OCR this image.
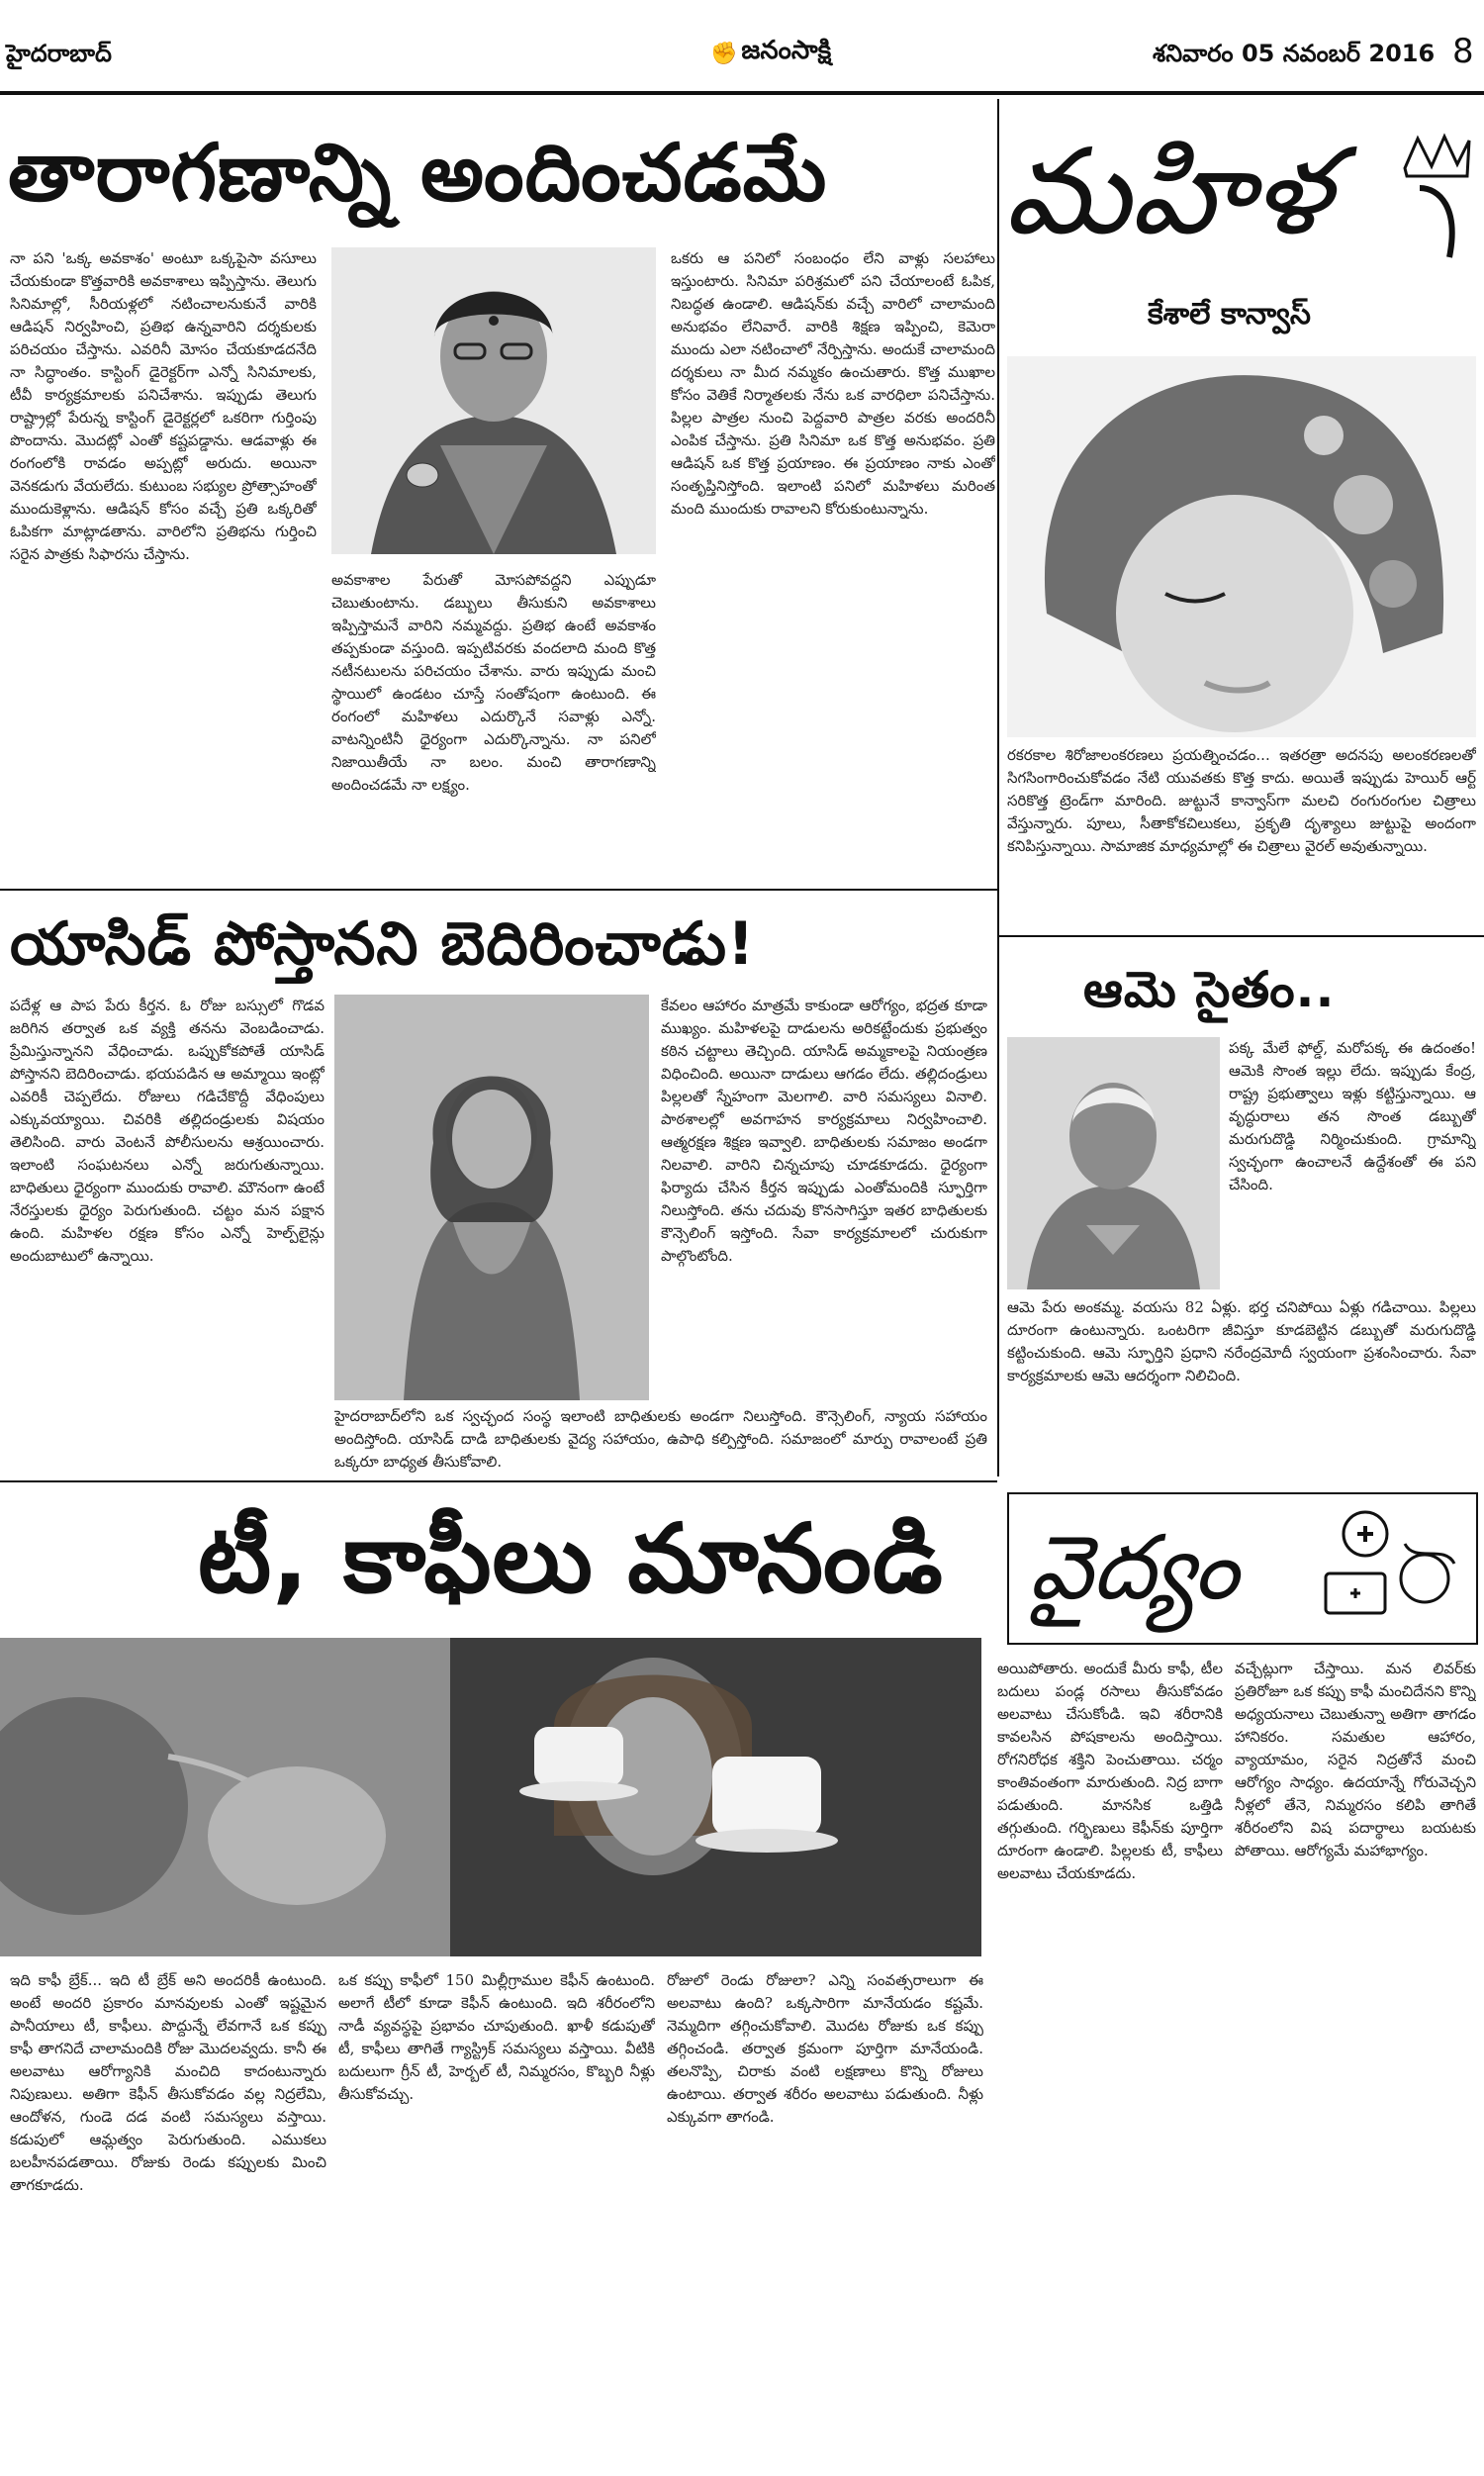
హైదరాబాద్	✊ జనంసాక్షి	శనివారం 05 నవంబర్ 2016 8
తారాగణాన్ని అందించడమే
నా పని 'ఒక్క అవకాశం' అంటూ ఒక్కపైసా వసూలు చేయకుండా కొత్తవారికి అవకాశాలు ఇప్పిస్తాను. తెలుగు సినిమాల్లో, సీరియళ్లలో నటించాలనుకునే వారికి ఆడిషన్ నిర్వహించి, ప్రతిభ ఉన్నవారిని దర్శకులకు పరిచయం చేస్తాను. ఎవరినీ మోసం చేయకూడదనేది నా సిద్ధాంతం. కాస్టింగ్ డైరెక్టర్‌గా ఎన్నో సినిమాలకు, టీవీ కార్యక్రమాలకు పనిచేశాను. ఇప్పుడు తెలుగు రాష్ట్రాల్లో పేరున్న కాస్టింగ్ డైరెక్టర్లలో ఒకరిగా గుర్తింపు పొందాను. మొదట్లో ఎంతో కష్టపడ్డాను. ఆడవాళ్లు ఈ రంగంలోకి రావడం అప్పట్లో అరుదు. అయినా వెనకడుగు వేయలేదు. కుటుంబ సభ్యుల ప్రోత్సాహంతో ముందుకెళ్లాను. ఆడిషన్ కోసం వచ్చే ప్రతి ఒక్కరితో ఓపికగా మాట్లాడతాను. వారిలోని ప్రతిభను గుర్తించి సరైన పాత్రకు సిఫారసు చేస్తాను.
అవకాశాల పేరుతో మోసపోవద్దని ఎప్పుడూ చెబుతుంటాను. డబ్బులు తీసుకుని అవకాశాలు ఇప్పిస్తామనే వారిని నమ్మవద్దు. ప్రతిభ ఉంటే అవకాశం తప్పకుండా వస్తుంది. ఇప్పటివరకు వందలాది మంది కొత్త నటీనటులను పరిచయం చేశాను. వారు ఇప్పుడు మంచి స్థాయిలో ఉండటం చూస్తే సంతోషంగా ఉంటుంది. ఈ రంగంలో మహిళలు ఎదుర్కొనే సవాళ్లు ఎన్నో. వాటన్నింటినీ ధైర్యంగా ఎదుర్కొన్నాను. నా పనిలో నిజాయితీయే నా బలం. మంచి తారాగణాన్ని అందించడమే నా లక్ష్యం.
ఒకరు ఆ పనిలో సంబంధం లేని వాళ్లు సలహాలు ఇస్తుంటారు. సినిమా పరిశ్రమలో పని చేయాలంటే ఓపిక, నిబద్ధత ఉండాలి. ఆడిషన్‌కు వచ్చే వారిలో చాలామంది అనుభవం లేనివారే. వారికి శిక్షణ ఇప్పించి, కెమెరా ముందు ఎలా నటించాలో నేర్పిస్తాను. అందుకే చాలామంది దర్శకులు నా మీద నమ్మకం ఉంచుతారు. కొత్త ముఖాల కోసం వెతికే నిర్మాతలకు నేను ఒక వారధిలా పనిచేస్తాను. పిల్లల పాత్రల నుంచి పెద్దవారి పాత్రల వరకు అందరినీ ఎంపిక చేస్తాను. ప్రతి సినిమా ఒక కొత్త అనుభవం. ప్రతి ఆడిషన్ ఒక కొత్త ప్రయాణం. ఈ ప్రయాణం నాకు ఎంతో సంతృప్తినిస్తోంది. ఇలాంటి పనిలో మహిళలు మరింత మంది ముందుకు రావాలని కోరుకుంటున్నాను.
యాసిడ్ పోస్తానని బెదిరించాడు!
పదేళ్ల ఆ పాప పేరు కీర్తన. ఓ రోజు బస్సులో గొడవ జరిగిన తర్వాత ఒక వ్యక్తి తనను వెంబడించాడు. ప్రేమిస్తున్నానని వేధించాడు. ఒప్పుకోకపోతే యాసిడ్ పోస్తానని బెదిరించాడు. భయపడిన ఆ అమ్మాయి ఇంట్లో ఎవరికీ చెప్పలేదు. రోజులు గడిచేకొద్దీ వేధింపులు ఎక్కువయ్యాయి. చివరికి తల్లిదండ్రులకు విషయం తెలిసింది. వారు వెంటనే పోలీసులను ఆశ్రయించారు. ఇలాంటి సంఘటనలు ఎన్నో జరుగుతున్నాయి. బాధితులు ధైర్యంగా ముందుకు రావాలి. మౌనంగా ఉంటే నేరస్తులకు ధైర్యం పెరుగుతుంది. చట్టం మన పక్షాన ఉంది. మహిళల రక్షణ కోసం ఎన్నో హెల్ప్‌లైన్లు అందుబాటులో ఉన్నాయి.
హైదరాబాద్‌లోని ఒక స్వచ్ఛంద సంస్థ ఇలాంటి బాధితులకు అండగా నిలుస్తోంది. కౌన్సెలింగ్, న్యాయ సహాయం అందిస్తోంది. యాసిడ్ దాడి బాధితులకు వైద్య సహాయం, ఉపాధి కల్పిస్తోంది. సమాజంలో మార్పు రావాలంటే ప్రతి ఒక్కరూ బాధ్యత తీసుకోవాలి.
కేవలం ఆహారం మాత్రమే కాకుండా ఆరోగ్యం, భద్రత కూడా ముఖ్యం. మహిళలపై దాడులను అరికట్టేందుకు ప్రభుత్వం కఠిన చట్టాలు తెచ్చింది. యాసిడ్ అమ్మకాలపై నియంత్రణ విధించింది. అయినా దాడులు ఆగడం లేదు. తల్లిదండ్రులు పిల్లలతో స్నేహంగా మెలగాలి. వారి సమస్యలు వినాలి. పాఠశాలల్లో అవగాహన కార్యక్రమాలు నిర్వహించాలి. ఆత్మరక్షణ శిక్షణ ఇవ్వాలి. బాధితులకు సమాజం అండగా నిలవాలి. వారిని చిన్నచూపు చూడకూడదు. ధైర్యంగా ఫిర్యాదు చేసిన కీర్తన ఇప్పుడు ఎంతోమందికి స్ఫూర్తిగా నిలుస్తోంది. తను చదువు కొనసాగిస్తూ ఇతర బాధితులకు కౌన్సెలింగ్ ఇస్తోంది. సేవా కార్యక్రమాలలో చురుకుగా పాల్గొంటోంది.
టీ, కాఫీలు మానండి
ఇది కాఫీ బ్రేక్... ఇది టీ బ్రేక్ అని అందరికీ ఉంటుంది. అంటే అందరి ప్రకారం మానవులకు ఎంతో ఇష్టమైన పానీయాలు టీ, కాఫీలు. పొద్దున్నే లేవగానే ఒక కప్పు కాఫీ తాగనిదే చాలామందికి రోజు మొదలవ్వదు. కానీ ఈ అలవాటు ఆరోగ్యానికి మంచిది కాదంటున్నారు నిపుణులు. అతిగా కెఫీన్ తీసుకోవడం వల్ల నిద్రలేమి, ఆందోళన, గుండె దడ వంటి సమస్యలు వస్తాయి. కడుపులో ఆమ్లత్వం పెరుగుతుంది. ఎముకలు బలహీనపడతాయి. రోజుకు రెండు కప్పులకు మించి తాగకూడదు.
ఒక కప్పు కాఫీలో 150 మిల్లీగ్రాముల కెఫీన్ ఉంటుంది. అలాగే టీలో కూడా కెఫీన్ ఉంటుంది. ఇది శరీరంలోని నాడీ వ్యవస్థపై ప్రభావం చూపుతుంది. ఖాళీ కడుపుతో టీ, కాఫీలు తాగితే గ్యాస్ట్రిక్ సమస్యలు వస్తాయి. వీటికి బదులుగా గ్రీన్ టీ, హెర్బల్ టీ, నిమ్మరసం, కొబ్బరి నీళ్లు తీసుకోవచ్చు.
రోజులో రెండు రోజులా? ఎన్ని సంవత్సరాలుగా ఈ అలవాటు ఉంది? ఒక్కసారిగా మానేయడం కష్టమే. నెమ్మదిగా తగ్గించుకోవాలి. మొదట రోజుకు ఒక కప్పు తగ్గించండి. తర్వాత క్రమంగా పూర్తిగా మానేయండి. తలనొప్పి, చిరాకు వంటి లక్షణాలు కొన్ని రోజులు ఉంటాయి. తర్వాత శరీరం అలవాటు పడుతుంది. నీళ్లు ఎక్కువగా తాగండి.
అయిపోతారు. అందుకే మీరు కాఫీ, టీల బదులు పండ్ల రసాలు తీసుకోవడం అలవాటు చేసుకోండి. ఇవి శరీరానికి కావలసిన పోషకాలను అందిస్తాయి. రోగనిరోధక శక్తిని పెంచుతాయి. చర్మం కాంతివంతంగా మారుతుంది. నిద్ర బాగా పడుతుంది. మానసిక ఒత్తిడి తగ్గుతుంది. గర్భిణులు కెఫీన్‌కు పూర్తిగా దూరంగా ఉండాలి. పిల్లలకు టీ, కాఫీలు అలవాటు చేయకూడదు.
వచ్చేట్లుగా చేస్తాయి. మన లివర్‌కు ప్రతిరోజూ ఒక కప్పు కాఫీ మంచిదేనని కొన్ని అధ్యయనాలు చెబుతున్నా అతిగా తాగడం హానికరం. సమతుల ఆహారం, వ్యాయామం, సరైన నిద్రతోనే మంచి ఆరోగ్యం సాధ్యం. ఉదయాన్నే గోరువెచ్చని నీళ్లలో తేనె, నిమ్మరసం కలిపి తాగితే శరీరంలోని విష పదార్థాలు బయటకు పోతాయి. ఆరోగ్యమే మహాభాగ్యం.
మహిళ
కేశాలే కాన్వాస్
రకరకాల శిరోజాలంకరణలు ప్రయత్నించడం... ఇతరత్రా అదనపు అలంకరణలతో సిగసింగారించుకోవడం నేటి యువతకు కొత్త కాదు. అయితే ఇప్పుడు హెయిర్ ఆర్ట్ సరికొత్త ట్రెండ్‌గా మారింది. జుట్టునే కాన్వాస్‌గా మలచి రంగురంగుల చిత్రాలు వేస్తున్నారు. పూలు, సీతాకోకచిలుకలు, ప్రకృతి దృశ్యాలు జుట్టుపై అందంగా కనిపిస్తున్నాయి. సామాజిక మాధ్యమాల్లో ఈ చిత్రాలు వైరల్ అవుతున్నాయి.
ఆమె సైతం..
పక్క మేలే ఫోల్డ్, మరోపక్క ఈ ఉదంతం! ఆమెకి సొంత ఇల్లు లేదు. ఇప్పుడు కేంద్ర, రాష్ట్ర ప్రభుత్వాలు ఇళ్లు కట్టిస్తున్నాయి. ఆ వృద్ధురాలు తన సొంత డబ్బుతో మరుగుదొడ్డి నిర్మించుకుంది. గ్రామాన్ని స్వచ్ఛంగా ఉంచాలనే ఉద్దేశంతో ఈ పని చేసింది.
ఆమె పేరు అంకమ్మ. వయసు 82 ఏళ్లు. భర్త చనిపోయి ఏళ్లు గడిచాయి. పిల్లలు దూరంగా ఉంటున్నారు. ఒంటరిగా జీవిస్తూ కూడబెట్టిన డబ్బుతో మరుగుదొడ్డి కట్టించుకుంది. ఆమె స్ఫూర్తిని ప్రధాని నరేంద్రమోదీ స్వయంగా ప్రశంసించారు. సేవా కార్యక్రమాలకు ఆమె ఆదర్శంగా నిలిచింది.
వైద్యం
